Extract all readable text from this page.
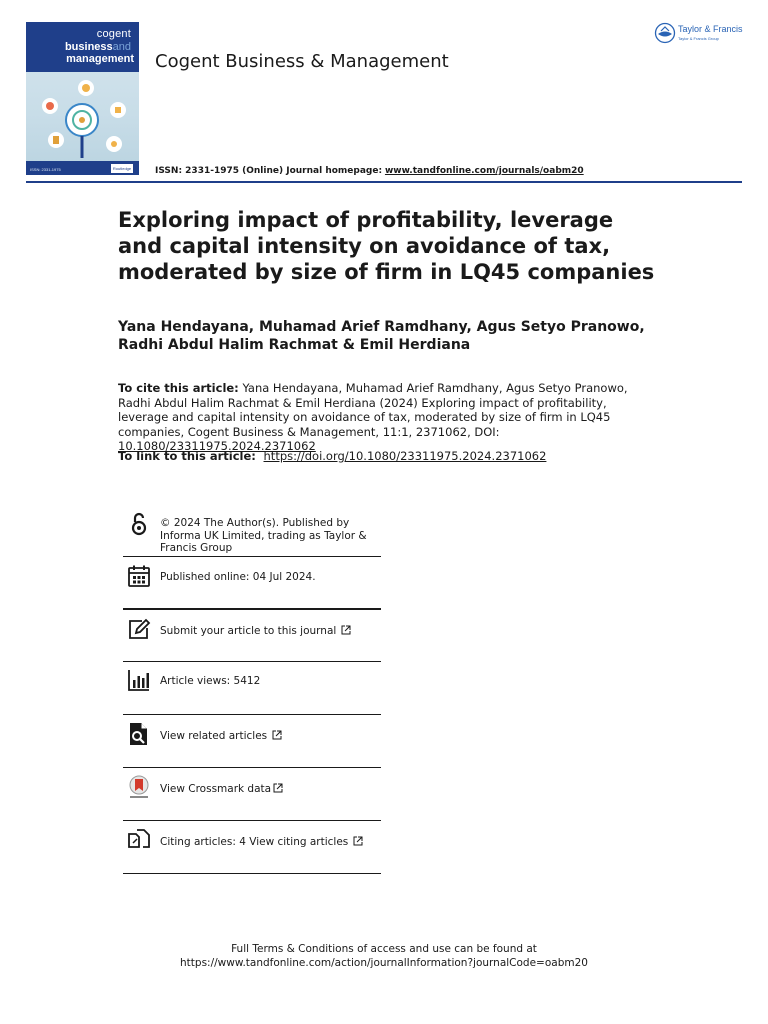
cogent
businessand
management
ISSN: 2331-1975	Routledge
Cogent Business & Management
Taylor & Francis
Taylor & Francis Group
ISSN: 2331-1975 (Online) Journal homepage: www.tandfonline.com/journals/oabm20
Exploring impact of profitability, leverage and capital intensity on avoidance of tax, moderated by size of firm in LQ45 companies
Yana Hendayana, Muhamad Arief Ramdhany, Agus Setyo Pranowo, Radhi Abdul Halim Rachmat & Emil Herdiana
To cite this article: Yana Hendayana, Muhamad Arief Ramdhany, Agus Setyo Pranowo, Radhi Abdul Halim Rachmat & Emil Herdiana (2024) Exploring impact of profitability, leverage and capital intensity on avoidance of tax, moderated by size of firm in LQ45 companies, Cogent Business & Management, 11:1, 2371062, DOI: 10.1080/23311975.2024.2371062
To link to this article: https://doi.org/10.1080/23311975.2024.2371062
© 2024 The Author(s). Published by Informa UK Limited, trading as Taylor & Francis Group
Published online: 04 Jul 2024.
Submit your article to this journal
Article views: 5412
View related articles
View Crossmark data
Citing articles: 4 View citing articles
Full Terms & Conditions of access and use can be found at
https://www.tandfonline.com/action/journalInformation?journalCode=oabm20
